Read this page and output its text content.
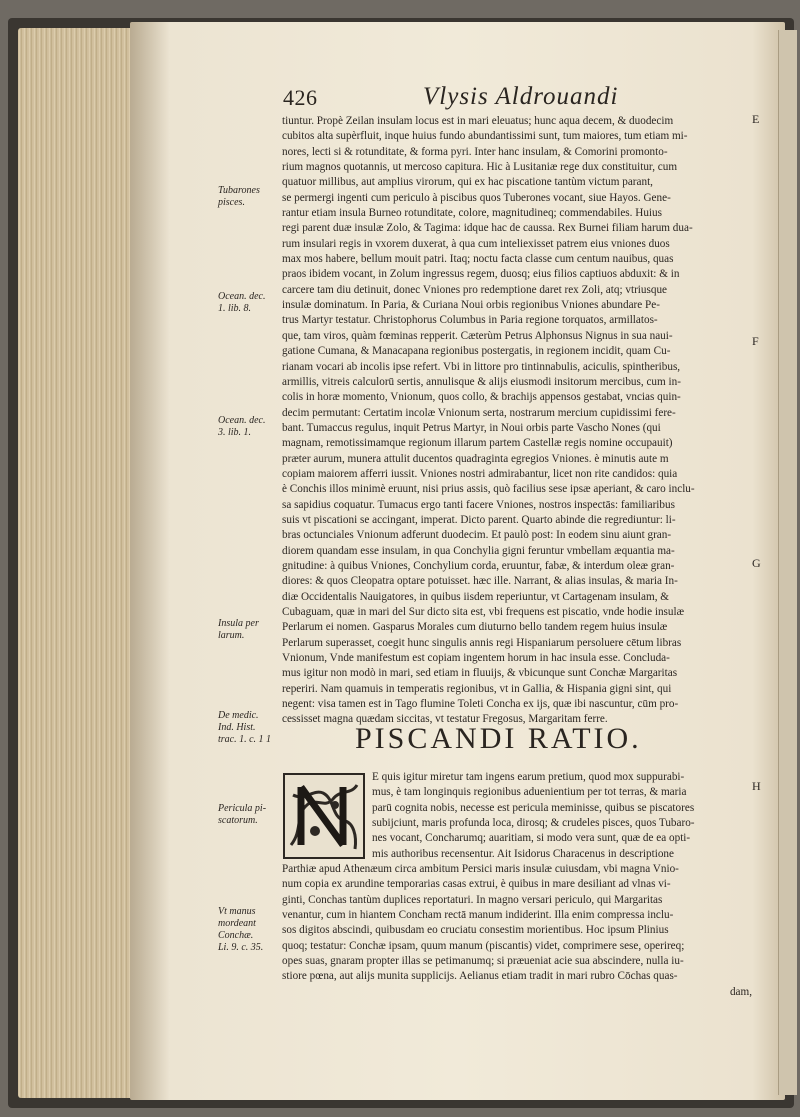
426	Vlysis Aldrouandi
tiuntur. Propè Zeilan insulam locus est in mari eleuatus; hunc aqua decem, & duodecim
cubitos alta supèrfluit, inque huius fundo abundantissimi sunt, tum maiores, tum etiam mi-
nores, lecti si & rotunditate, & forma pyri. Inter hanc insulam, & Comorini promonto-
rium magnos quotannis, ut mercoso capitura. Hic à Lusitaniæ rege dux constituitur, cum
quatuor millibus, aut amplius virorum, qui ex hac piscatione tantùm victum parant,
se permergi ingenti cum periculo à piscibus quos Tuberones vocant, siue Hayos. Gene-
rantur etiam insula Burneo rotunditate, colore, magnitudineq; commendabiles. Huius
regi parent duæ insulæ Zolo, & Tagima: idque hac de caussa. Rex Burnei filiam harum dua-
rum insulari regis in vxorem duxerat, à qua cum inteliexisset patrem eius vniones duos
max mos habere, bellum mouit patri. Itaq; noctu facta classe cum centum nauibus, quas
praos ibidem vocant, in Zolum ingressus regem, duosq; eius filios captiuos abduxit: & in
carcere tam diu detinuit, donec Vniones pro redemptione daret rex Zoli, atq; vtriusque
insulæ dominatum. In Paria, & Curiana Noui orbis regionibus Vniones abundare Pe-
trus Martyr testatur. Christophorus Columbus in Paria regione torquatos, armillatos-
que, tam viros, quàm fœminas repperit. Cæterùm Petrus Alphonsus Nignus in sua naui-
gatione Cumana, & Manacapana regionibus postergatis, in regionem incidit, quam Cu-
rianam vocari ab incolis ipse refert. Vbi in littore pro tintinnabulis, aciculis, spintheribus,
armillis, vitreis calculorū sertis, annulisque & alijs eiusmodi insitorum mercibus, cum in-
colis in horæ momento, Vnionum, quos collo, & brachijs appensos gestabat, vncias quin-
decim permutant: Certatim incolæ Vnionum serta, nostrarum mercium cupidissimi fere-
bant. Tumaccus regulus, inquit Petrus Martyr, in Noui orbis parte Vascho Nones (qui
magnam, remotissimamque regionum illarum partem Castellæ regis nomine occupauit)
præter aurum, munera attulit ducentos quadraginta egregios Vniones. è minutis aute m
copiam maiorem afferri iussit. Vniones nostri admirabantur, licet non rite candidos: quia
è Conchis illos minimè eruunt, nisi prius assis, quò facilius sese ipsæ aperiant, & caro inclu-
sa sapidius coquatur. Tumacus ergo tanti facere Vniones, nostros inspectās: familiaribus
suis vt piscationi se accingant, imperat. Dicto parent. Quarto abinde die regrediuntur: li-
bras octunciales Vnionum adferunt duodecim. Et paulò post: In eodem sinu aiunt gran-
diorem quandam esse insulam, in qua Conchylia gigni feruntur vmbellam æquantia ma-
gnitudine: à quibus Vniones, Conchylium corda, eruuntur, fabæ, & interdum oleæ gran-
diores: & quos Cleopatra optare potuisset. hæc ille. Narrant, & alias insulas, & maria In-
diæ Occidentalis Nauigatores, in quibus iisdem reperiuntur, vt Cartagenam insulam, &
Cubaguam, quæ in mari del Sur dicto sita est, vbi frequens est piscatio, vnde hodie insulæ
Perlarum ei nomen. Gasparus Morales cum diuturno bello tandem regem huius insulæ
Perlarum superasset, coegit hunc singulis annis regi Hispaniarum persoluere cētum libras
Vnionum, Vnde manifestum est copiam ingentem horum in hac insula esse. Concluda-
mus igitur non modò in mari, sed etiam in fluuijs, & vbicunque sunt Conchæ Margaritas
reperiri. Nam quamuis in temperatis regionibus, vt in Gallia, & Hispania gigni sint, qui
negent: visa tamen est in Tago flumine Toleti Concha ex ijs, quæ ibi nascuntur, cūm pro-
cessisset magna quædam siccitas, vt testatur Fregosus, Margaritam ferre.
PISCANDI RATIO.
E quis igitur miretur tam ingens earum pretium, quod mox suppurabi-
mus, è tam longinquis regionibus aduenientium per tot terras, & maria
parū cognita nobis, necesse est pericula meminisse, quibus se piscatores
subijciunt, maris profunda loca, dirosq; & crudeles pisces, quos Tubaro-
nes vocant, Concharumq; auaritiam, si modo vera sunt, quæ de ea opti-
mis authoribus recensentur. Ait Isidorus Characenus in descriptione
Parthiæ apud Athenæum circa ambitum Persici maris insulæ cuiusdam, vbi magna Vnio-
num copia ex arundine temporarias casas extrui, è quibus in mare desiliant ad vlnas vi-
ginti, Conchas tantùm duplices reportaturi. In magno versari periculo, qui Margaritas
venantur, cum in hiantem Concham rectā manum indiderint. Illa enim compressa inclu-
sos digitos abscindi, quibusdam eo cruciatu consestim morientibus. Hoc ipsum Plinius
quoq; testatur: Conchæ ipsam, quum manum (piscantis) videt, comprimere sese, operireq;
opes suas, gnaram propter illas se petimanumq; si præueniat acie sua abscindere, nulla iu-
stiore pœna, aut alijs munita supplicijs. Aelianus etiam tradit in mari rubro Cōchas quas-
dam,
Tubarones
pisces.
Ocean. dec.
1. lib. 8.
Ocean. dec.
3. lib. 1.
Insula per
larum.
De medic.
Ind. Hist.
trac. 1. c. 1 1
Pericula pi-
scatorum.
Vt manus
mordeant
Conchæ.
Li. 9. c. 35.
E
F
G
H
